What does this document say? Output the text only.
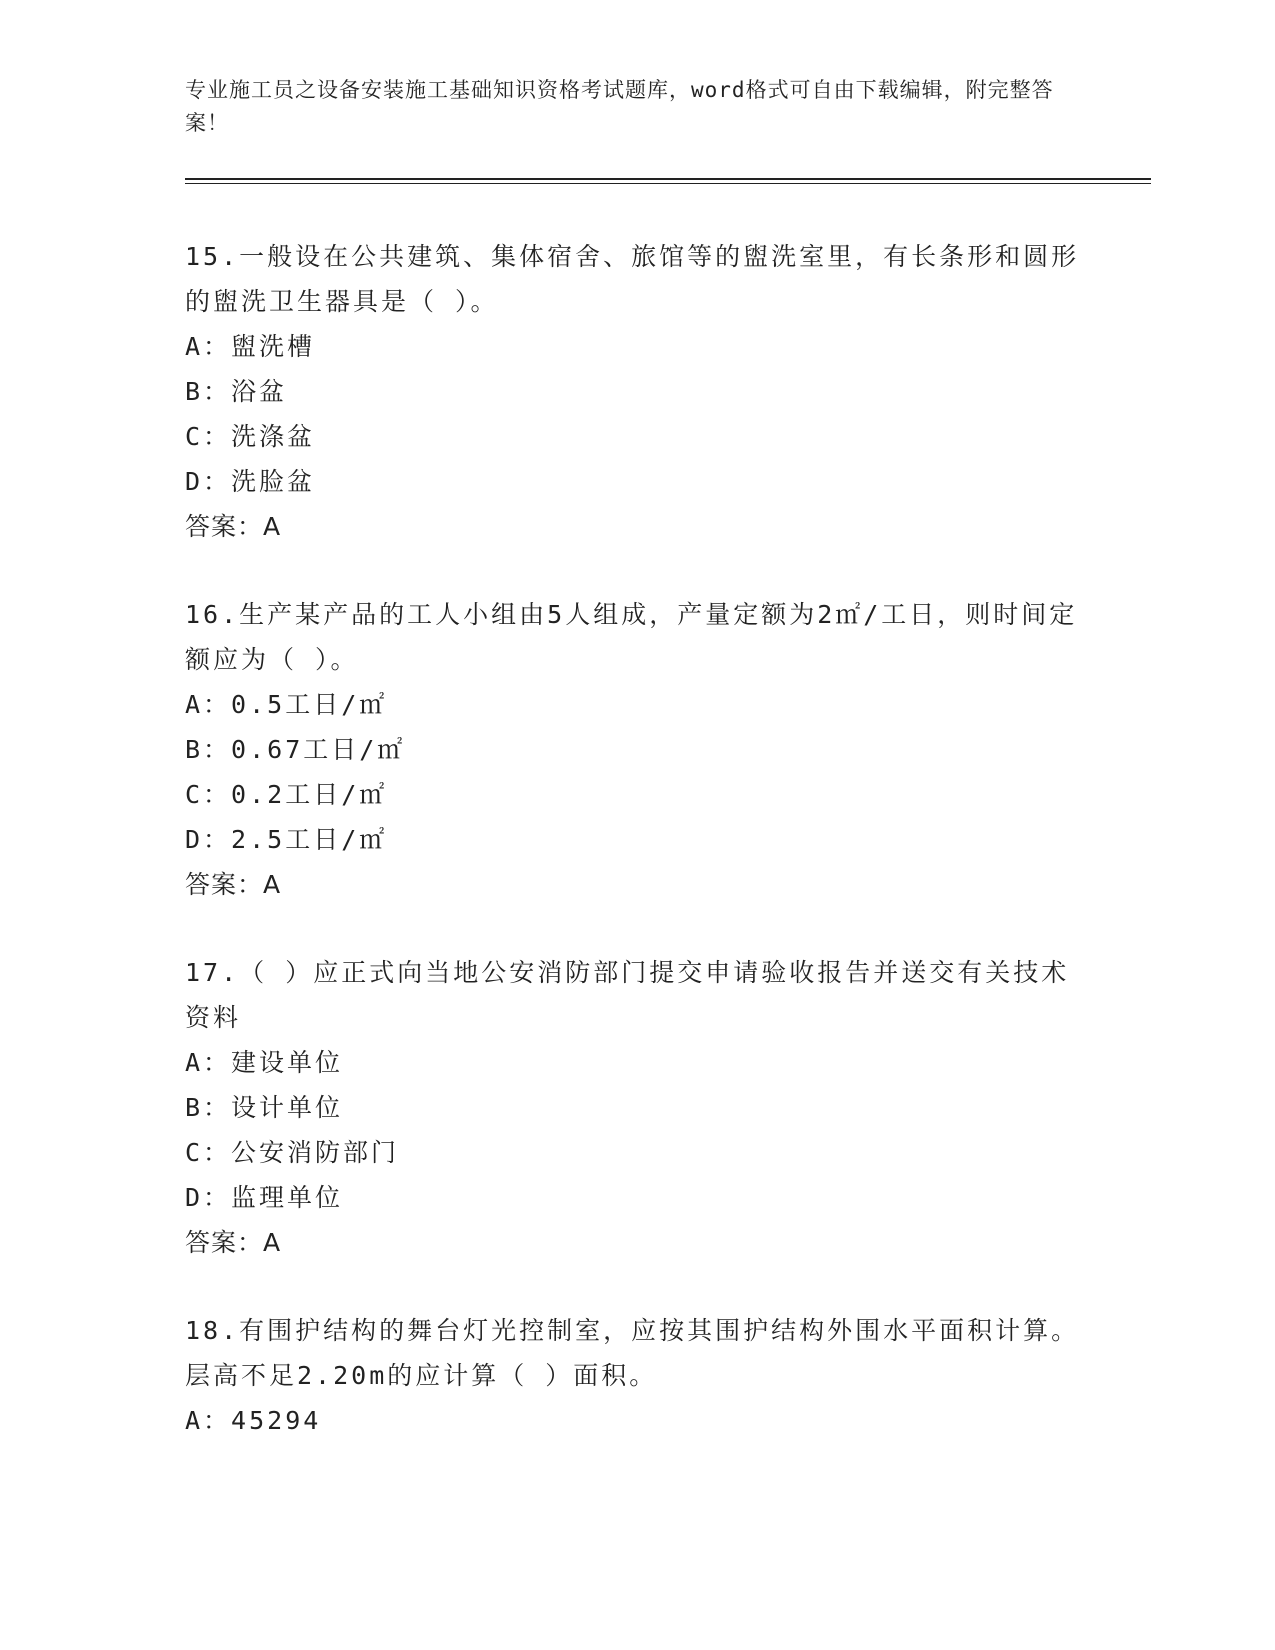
专业施工员之设备安装施工基础知识资格考试题库，word格式可自由下载编辑，附完整答案！

15.一般设在公共建筑、集体宿舍、旅馆等的盥洗室里，有长条形和圆形的盥洗卫生器具是（ ）。

A：盥洗槽

B：浴盆

C：洗涤盆

D：洗脸盆

答案：A

16.生产某产品的工人小组由5人组成，产量定额为2㎡/工日，则时间定额应为（ ）。

A：0.5工日/㎡

B：0.67工日/㎡

C：0.2工日/㎡

D：2.5工日/㎡

答案：A

17.（ ）应正式向当地公安消防部门提交申请验收报告并送交有关技术资料

A：建设单位

B：设计单位

C：公安消防部门

D：监理单位

答案：A

18.有围护结构的舞台灯光控制室，应按其围护结构外围水平面积计算。层高不足2.20m的应计算（ ）面积。

A：45294
